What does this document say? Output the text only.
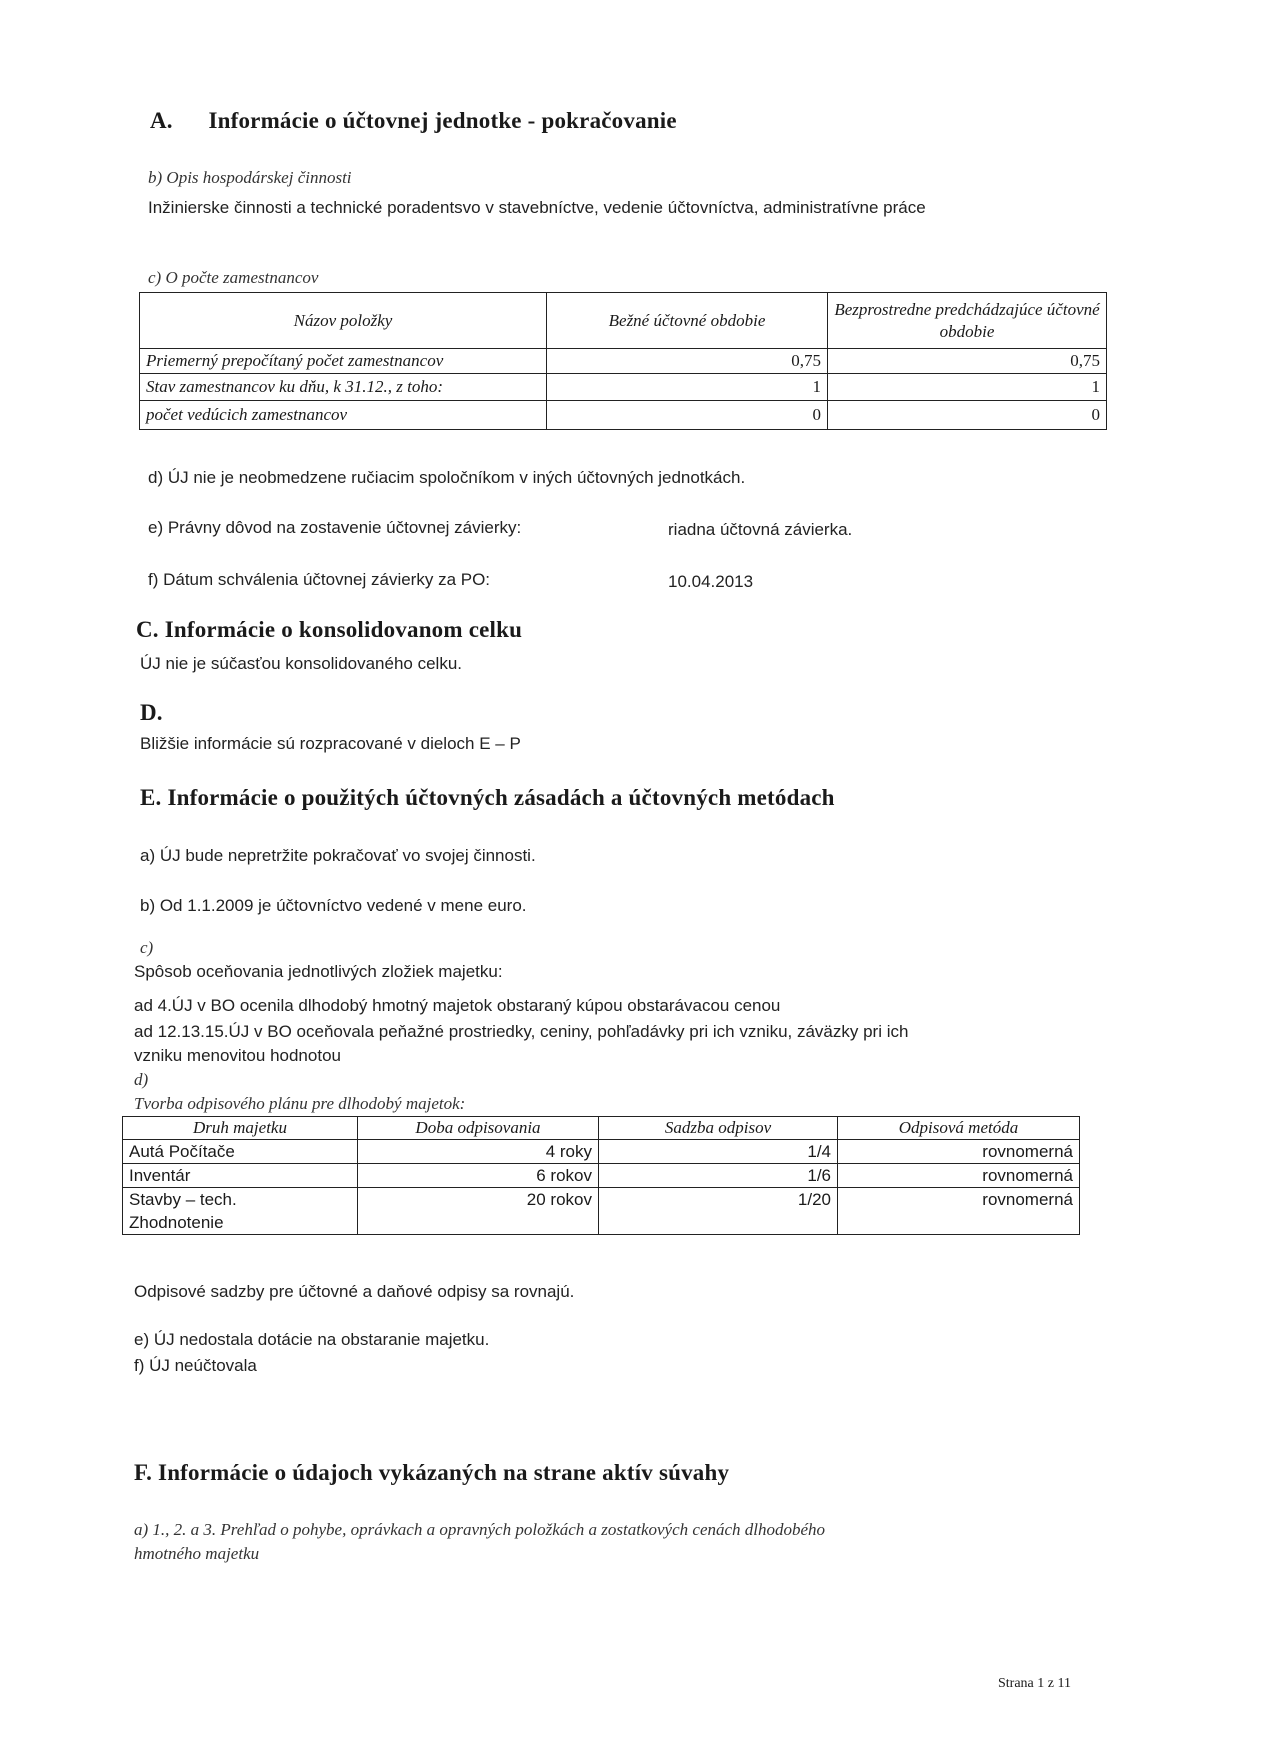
A.      Informácie o účtovnej jednotke - pokračovanie
b) Opis hospodárskej činnosti
Inžinierske činnosti a technické poradentsvo v stavebníctve, vedenie účtovníctva, administratívne práce
c) O počte zamestnancov
Názov položky	Bežné účtovné obdobie	Bezprostredne predchádzajúce účtovné obdobie
Priemerný prepočítaný počet zamestnancov	0,75	0,75
Stav zamestnancov ku dňu, k 31.12., z toho:	1	1
počet vedúcich zamestnancov	0	0
d) ÚJ nie je neobmedzene ručiacim spoločníkom v iných účtovných jednotkách.
e) Právny dôvod na zostavenie účtovnej závierky:	riadna účtovná závierka.
f) Dátum schválenia účtovnej závierky za PO:	10.04.2013
C. Informácie o konsolidovanom celku
ÚJ nie je súčasťou konsolidovaného celku.
D.
Bližšie informácie sú rozpracované v dieloch E – P
E. Informácie o použitých účtovných zásadách a účtovných metódach
a) ÚJ bude nepretržite pokračovať vo svojej činnosti.
b) Od 1.1.2009 je účtovníctvo vedené v mene euro.
c)
Spôsob oceňovania jednotlivých zložiek majetku:
ad 4.ÚJ v BO ocenila dlhodobý hmotný majetok obstaraný kúpou obstarávacou cenou
ad 12.13.15.ÚJ v BO oceňovala peňažné prostriedky, ceniny, pohľadávky pri ich vzniku, záväzky pri ich
vzniku menovitou hodnotou
d)
Tvorba odpisového plánu pre dlhodobý majetok:
Druh majetku	Doba odpisovania	Sadzba odpisov	Odpisová metóda
Autá Počítače	4 roky	1/4	rovnomerná
Inventár	6 rokov	1/6	rovnomerná

Stavby – tech.
Zhodnotenie	20 rokov	1/20	rovnomerná
Odpisové sadzby pre účtovné a daňové odpisy sa rovnajú.
e) ÚJ nedostala dotácie na obstaranie majetku.
f) ÚJ neúčtovala
F. Informácie o údajoch vykázaných na strane aktív súvahy
a) 1., 2. a 3. Prehľad o pohybe, oprávkach a opravných položkách a zostatkových cenách dlhodobého
hmotného majetku
Strana 1 z 11
